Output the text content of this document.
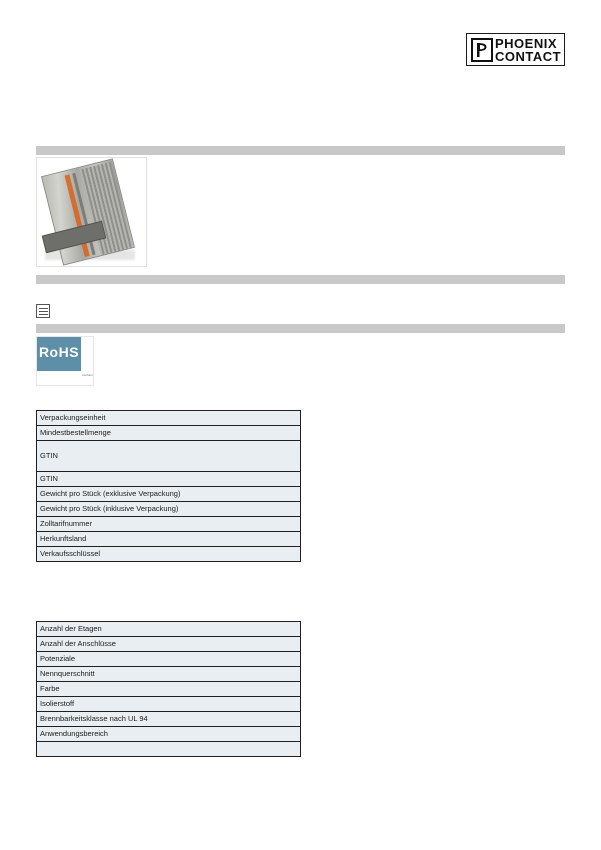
PHOENIX
CONTACT
RoHS
conform
Verpackungseinheit
Mindestbestellmenge
GTIN
GTIN
Gewicht pro Stück (exklusive Verpackung)
Gewicht pro Stück (inklusive Verpackung)
Zolltarifnummer
Herkunftsland
Verkaufsschlüssel
Anzahl der Etagen
Anzahl der Anschlüsse
Potenziale
Nennquerschnitt
Farbe
Isolierstoff
Brennbarkeitsklasse nach UL 94
Anwendungsbereich
